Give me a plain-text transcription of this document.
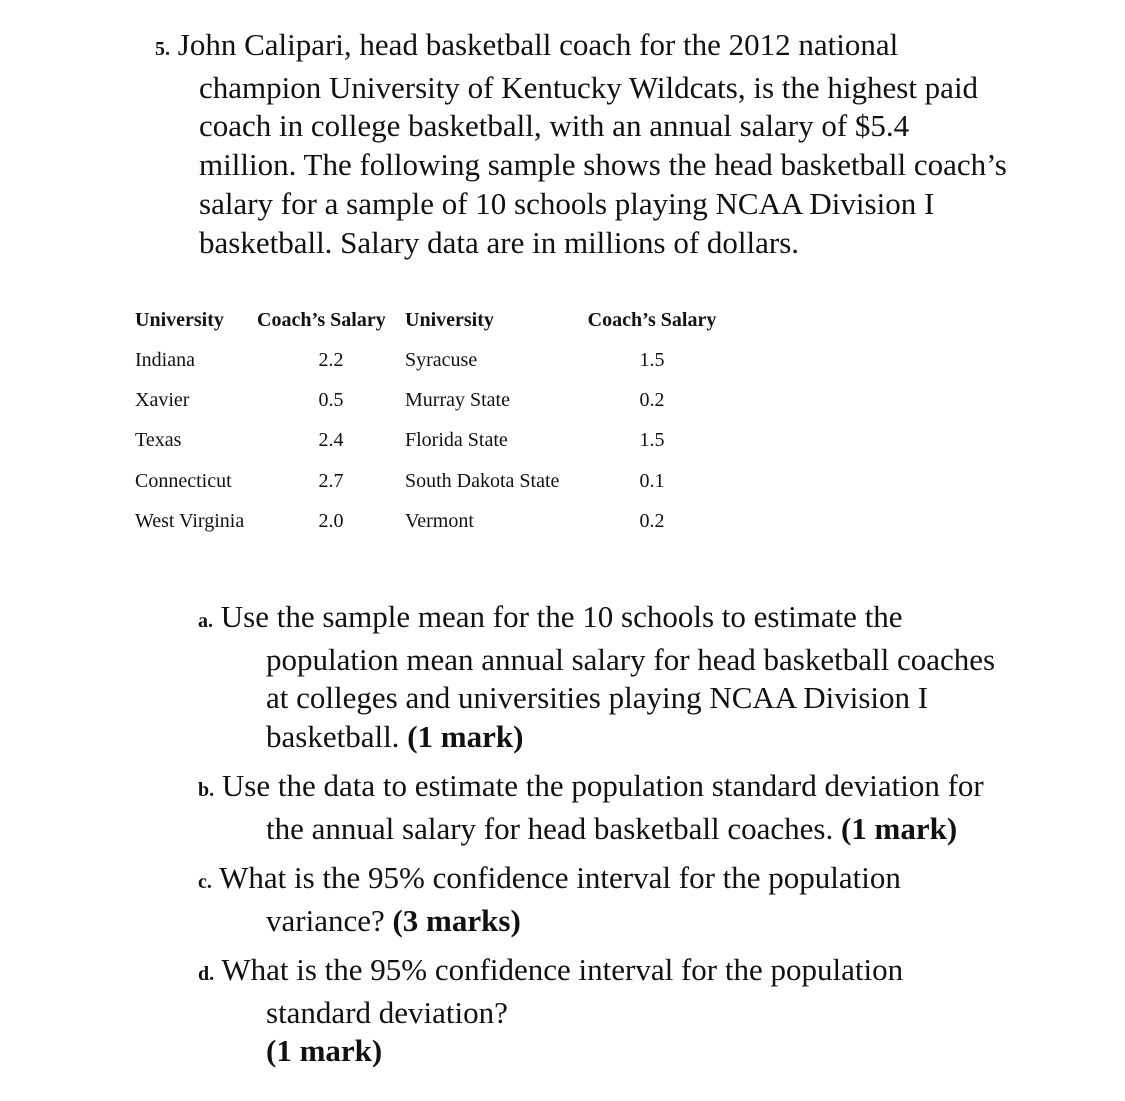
5. John Calipari, head basketball coach for the 2012 national champion University of Kentucky Wildcats, is the highest paid coach in college basketball, with an annual salary of $5.4 million. The following sample shows the head basketball coach’s salary for a sample of 10 schools playing NCAA Division I basketball. Salary data are in millions of dollars.
University	Coach’s Salary	University	Coach’s Salary
Indiana	2.2	Syracuse	1.5
Xavier	0.5	Murray State	0.2
Texas	2.4	Florida State	1.5
Connecticut	2.7	South Dakota State	0.1
West Virginia	2.0	Vermont	0.2
a. Use the sample mean for the 10 schools to estimate the population mean annual salary for head basketball coaches at colleges and universities playing NCAA Division I basketball. (1 mark)
b. Use the data to estimate the population standard deviation for the annual salary for head basketball coaches. (1 mark)
c. What is the 95% confidence interval for the population variance? (3 marks)
d. What is the 95% confidence interval for the population standard deviation?
(1 mark)
